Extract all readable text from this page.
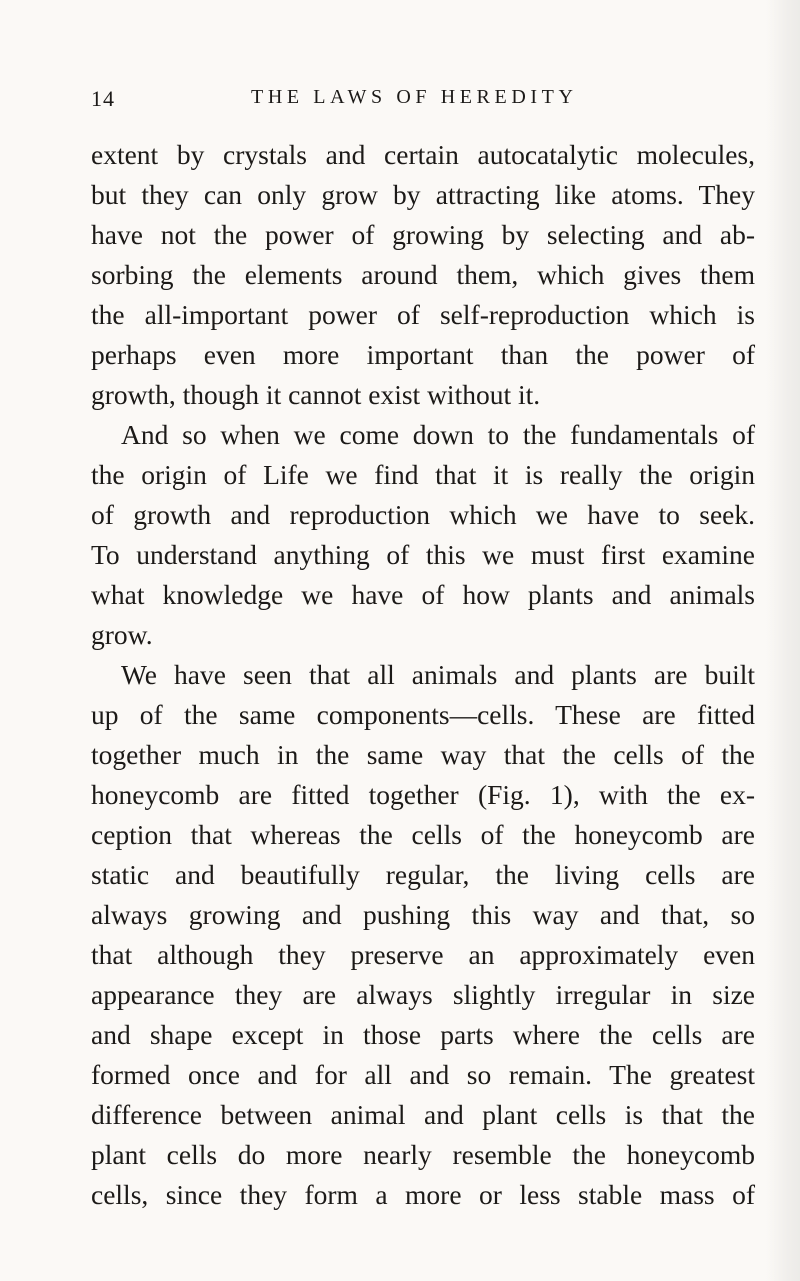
14	THE LAWS OF HEREDITY
extent by crystals and certain autocatalytic molecules,
but they can only grow by attracting like atoms. They
have not the power of growing by selecting and ab-
sorbing the elements around them, which gives them
the all-important power of self-reproduction which is
perhaps even more important than the power of
growth, though it cannot exist without it.
And so when we come down to the fundamentals of
the origin of Life we find that it is really the origin
of growth and reproduction which we have to seek.
To understand anything of this we must first examine
what knowledge we have of how plants and animals
grow.
We have seen that all animals and plants are built
up of the same components—cells. These are fitted
together much in the same way that the cells of the
honeycomb are fitted together (Fig. 1), with the ex-
ception that whereas the cells of the honeycomb are
static and beautifully regular, the living cells are
always growing and pushing this way and that, so
that although they preserve an approximately even
appearance they are always slightly irregular in size
and shape except in those parts where the cells are
formed once and for all and so remain. The greatest
difference between animal and plant cells is that the
plant cells do more nearly resemble the honeycomb
cells, since they form a more or less stable mass of
